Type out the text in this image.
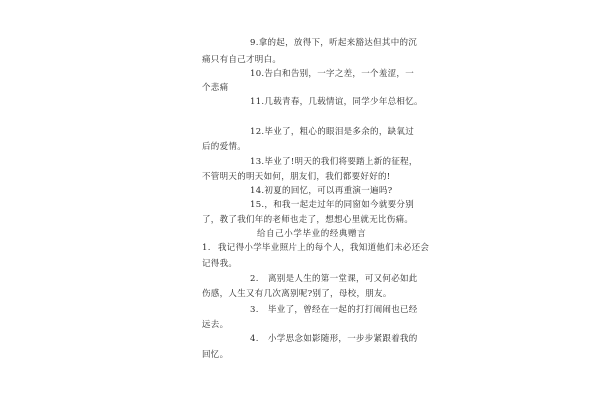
9.拿的起，放得下，听起来豁达但其中的沉
痛只有自己才明白。
10.告白和告别，一字之差，一个羞涩，一
个悲痛
11.几载青春，几载情谊，同学少年总相忆。
12.毕业了，粗心的眼泪是多余的，缺氧过
后的爱情。
13.毕业了!明天的我们将要踏上新的征程，
不管明天的明天如何，朋友们，我们都要好好的!
14.初夏的回忆，可以再重演一遍吗?
15.，和我一起走过年的同窗如今就要分别
了，教了我们年的老师也走了，想想心里就无比伤痛。
给自己小学毕业的经典赠言
1. 我记得小学毕业照片上的每个人，我知道他们未必还会
记得我。
2. 离别是人生的第一堂课，可又何必如此
伤感，人生又有几次离别呢?别了，母校，朋友。
3. 毕业了，曾经在一起的打打闹闹也已经
远去。
4. 小学思念如影随形，一步步紧跟着我的
回忆。
